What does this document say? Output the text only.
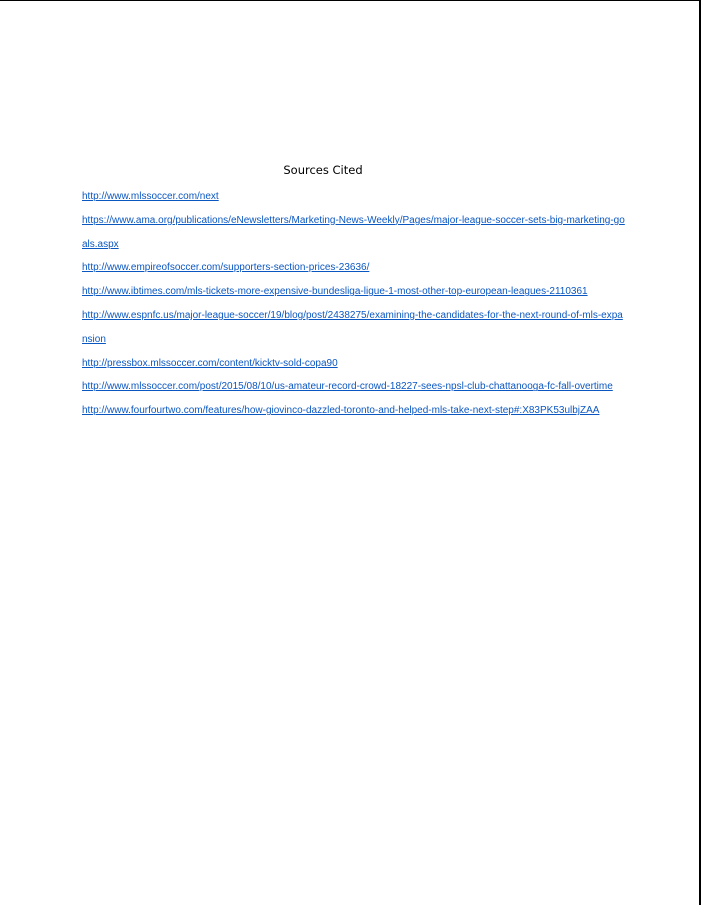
Sources Cited
http://www.mlssoccer.com/next
https://www.ama.org/publications/eNewsletters/Marketing-News-Weekly/Pages/major-league-soccer-sets-big-marketing-goals.aspx
http://www.empireofsoccer.com/supporters-section-prices-23636/
http://www.ibtimes.com/mls-tickets-more-expensive-bundesliga-ligue-1-most-other-top-european-leagues-2110361
http://www.espnfc.us/major-league-soccer/19/blog/post/2438275/examining-the-candidates-for-the-next-round-of-mls-expansion
http://pressbox.mlssoccer.com/content/kicktv-sold-copa90
http://www.mlssoccer.com/post/2015/08/10/us-amateur-record-crowd-18227-sees-npsl-club-chattanooga-fc-fall-overtime
http://www.fourfourtwo.com/features/how-giovinco-dazzled-toronto-and-helped-mls-take-next-step#:X83PK53ulbjZAA
